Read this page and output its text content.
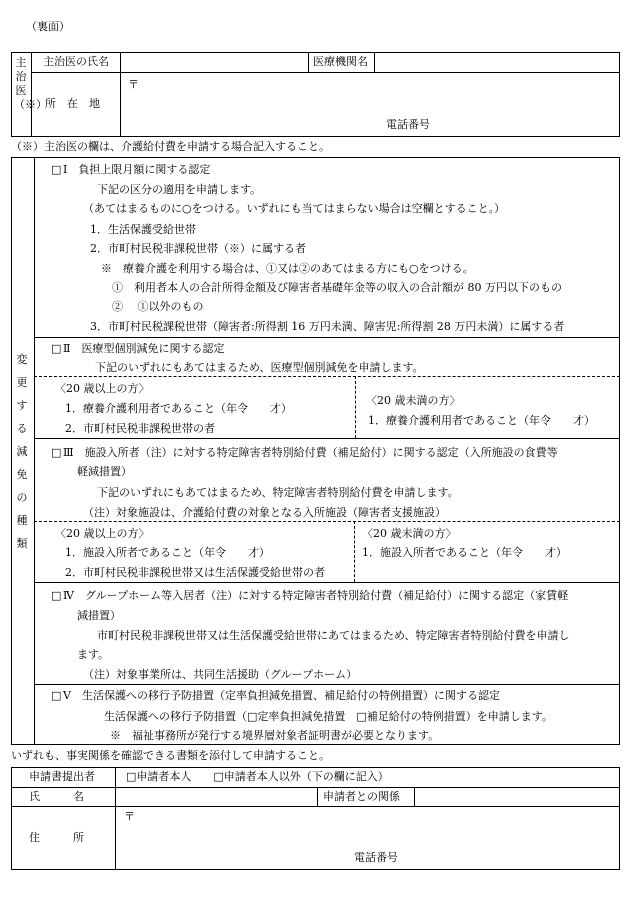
（裏面）
主治医（※）
主治医の氏名	医療機関名
所　在　地
〒
電話番号
（※）主治医の欄は、介護給付費を申請する場合記入すること。
変更する減免の種類
□ Ⅰ　負担上限月額に関する認定
下記の区分の適用を申請します。
（あてはまるものに○をつける。いずれにも当てはまらない場合は空欄とすること。）
1．生活保護受給世帯
2．市町村民税非課税世帯（※）に属する者
※　療養介護を利用する場合は、①又は②のあてはまる方にも○をつける。
①　利用者本人の合計所得金額及び障害者基礎年金等の収入の合計額が 80 万円以下のもの
②　 ①以外のもの
3．市町村民税課税世帯（障害者:所得割 16 万円未満、障害児:所得割 28 万円未満）に属する者
□ Ⅱ　医療型個別減免に関する認定
下記のいずれにもあてはまるため、医療型個別減免を申請します。
〈20 歳以上の方〉
1．療養介護利用者であること（年令　　才）
2．市町村民税非課税世帯の者
〈20 歳未満の方〉
1．療養介護利用者であること（年令　　才）
□ Ⅲ　施設入所者（注）に対する特定障害者特別給付費（補足給付）に関する認定（入所施設の食費等
軽減措置）
下記のいずれにもあてはまるため、特定障害者特別給付費を申請します。
（注）対象施設は、介護給付費の対象となる入所施設（障害者支援施設）
〈20 歳以上の方〉
1．施設入所者であること（年令　　才）
2．市町村民税非課税世帯又は生活保護受給世帯の者
〈20 歳未満の方〉
1．施設入所者であること（年令　　才）
□ Ⅳ　グループホーム等入居者（注）に対する特定障害者特別給付費（補足給付）に関する認定（家賃軽
減措置）
市町村民税非課税世帯又は生活保護受給世帯にあてはまるため、特定障害者特別給付費を申請し
ます。
（注）対象事業所は、共同生活援助（グループホーム）
□ Ⅴ　生活保護への移行予防措置（定率負担減免措置、補足給付の特例措置）に関する認定
生活保護への移行予防措置（□定率負担減免措置　□補足給付の特例措置）を申請します。
※　福祉事務所が発行する境界層対象者証明書が必要となります。
いずれも、事実関係を確認できる書類を添付して申請すること。
申請書提出者	□申請者本人　　□申請者本人以外（下の欄に記入）
氏　　　名	申請者との関係
住　　　所
〒
電話番号
